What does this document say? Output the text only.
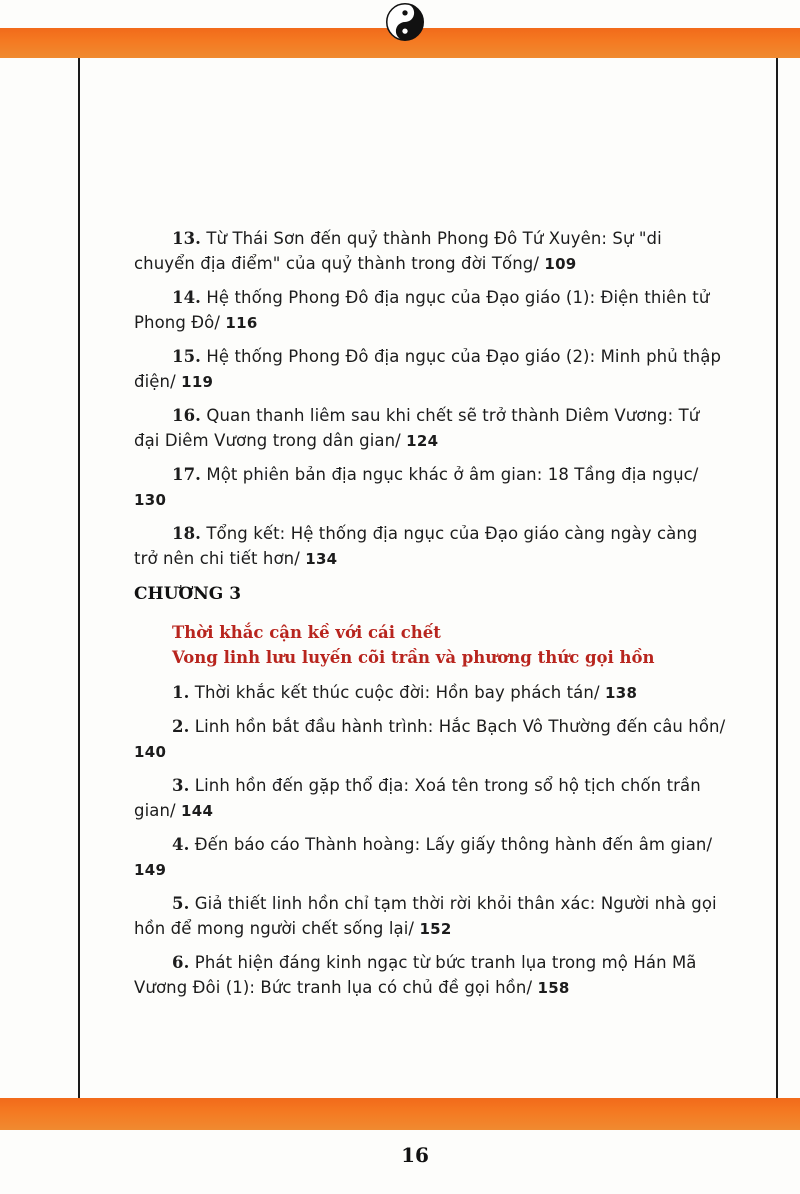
13. Từ Thái Sơn đến quỷ thành Phong Đô Tứ Xuyên: Sự "di chuyển địa điểm" của quỷ thành trong đời Tống/ 109

14. Hệ thống Phong Đô địa ngục của Đạo giáo (1): Điện thiên tử Phong Đô/ 116

15. Hệ thống Phong Đô địa ngục của Đạo giáo (2): Minh phủ thập điện/ 119

16. Quan thanh liêm sau khi chết sẽ trở thành Diêm Vương: Tứ đại Diêm Vương trong dân gian/ 124

17. Một phiên bản địa ngục khác ở âm gian: 18 Tầng địa ngục/ 130

18. Tổng kết: Hệ thống địa ngục của Đạo giáo càng ngày càng trở nên chi tiết hơn/ 134

CHƯƠNG 3
Thời khắc cận kề với cái chết
Vong linh lưu luyến cõi trần và phương thức gọi hồn

1. Thời khắc kết thúc cuộc đời: Hồn bay phách tán/ 138

2. Linh hồn bắt đầu hành trình: Hắc Bạch Vô Thường đến câu hồn/ 140

3. Linh hồn đến gặp thổ địa: Xoá tên trong sổ hộ tịch chốn trần gian/ 144

4. Đến báo cáo Thành hoàng: Lấy giấy thông hành đến âm gian/ 149

5. Giả thiết linh hồn chỉ tạm thời rời khỏi thân xác: Người nhà gọi hồn để mong người chết sống lại/ 152

6. Phát hiện đáng kinh ngạc từ bức tranh lụa trong mộ Hán Mã Vương Đôi (1): Bức tranh lụa có chủ đề gọi hồn/ 158

16
